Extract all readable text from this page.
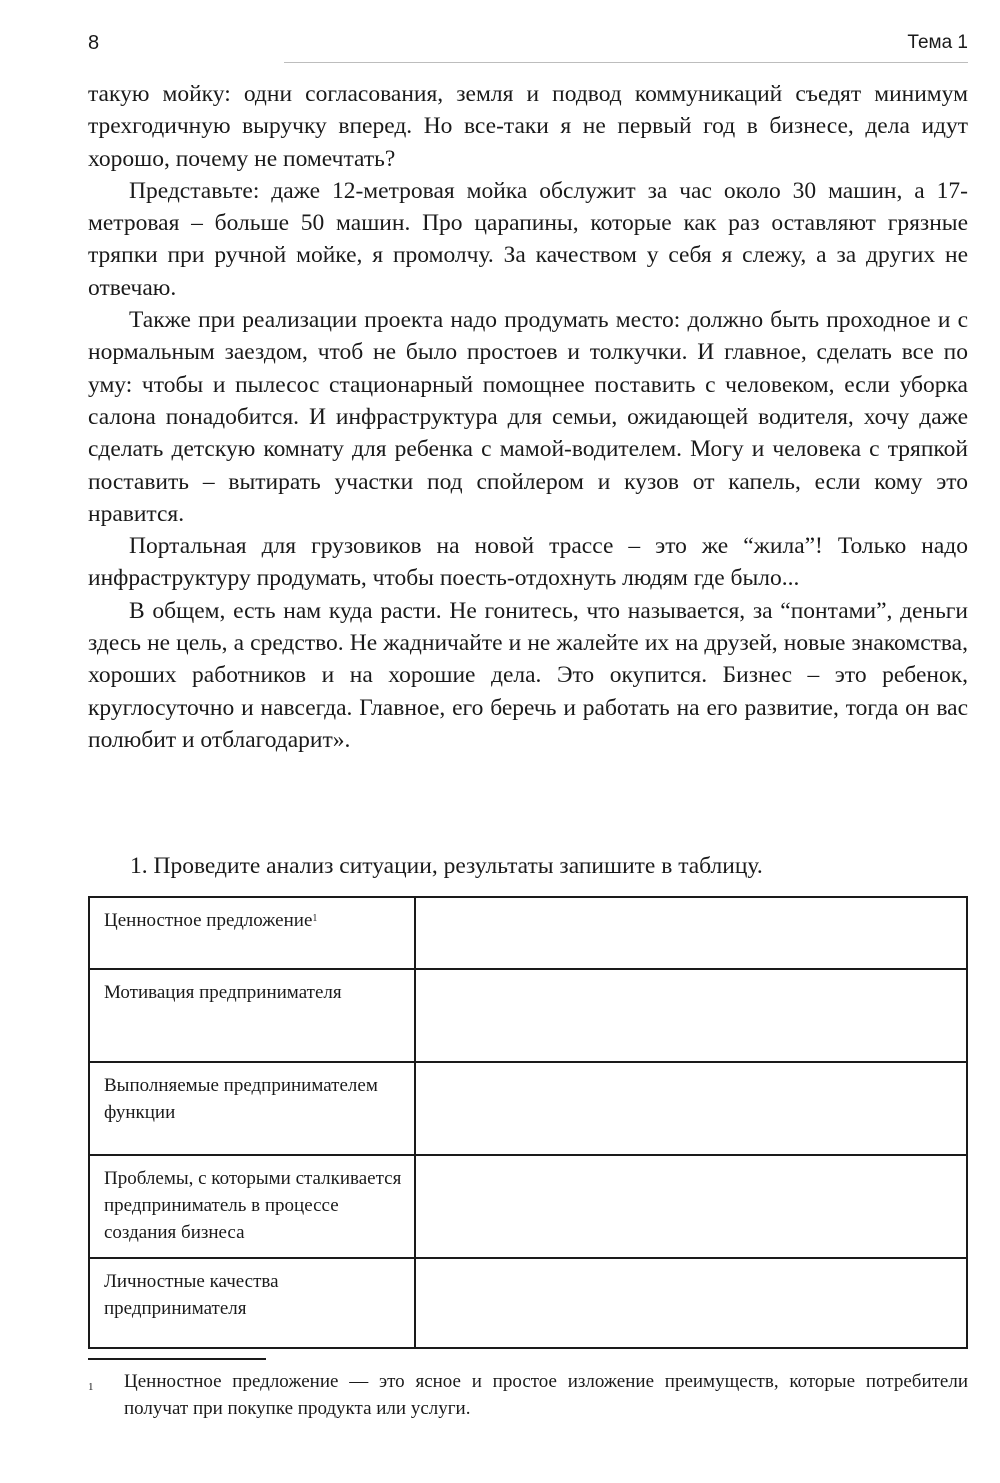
8	Тема 1

такую мойку: одни согласования, земля и подвод коммуникаций съедят минимум трехгодичную выручку вперед. Но все-таки я не первый год в бизнесе, дела идут хорошо, почему не помечтать?

Представьте: даже 12-метровая мойка обслужит за час около 30 машин, а 17-метровая – больше 50 машин. Про царапины, которые как раз оставляют грязные тряпки при ручной мойке, я промолчу. За качеством у себя я слежу, а за других не отвечаю.

Также при реализации проекта надо продумать место: должно быть проходное и с нормальным заездом, чтоб не было простоев и толкучки. И главное, сделать все по уму: чтобы и пылесос стационарный помощнее поставить с человеком, если уборка салона понадобится. И инфраструктура для семьи, ожидающей водителя, хочу даже сделать детскую комнату для ребенка с мамой-водителем. Могу и человека с тряпкой поставить – вытирать участки под спойлером и кузов от капель, если кому это нравится.

Портальная для грузовиков на новой трассе – это же “жила”! Только надо инфраструктуру продумать, чтобы поесть-отдохнуть людям где было...

В общем, есть нам куда расти. Не гонитесь, что называется, за “понтами”, деньги здесь не цель, а средство. Не жадничайте и не жалейте их на друзей, новые знакомства, хороших работников и на хорошие дела. Это окупится. Бизнес – это ребенок, круглосуточно и навсегда. Главное, его беречь и работать на его развитие, тогда он вас полюбит и отблагодарит».

1. Проведите анализ ситуации, результаты запишите в таблицу.
Ценностное предложение$^1$	
Мотивация предпринимателя	
Выполняемые предпринимателем функции	
Проблемы, с которыми сталкивается предприниматель в процессе создания бизнеса	
Личностные качества предпринимателя	
1 Ценностное предложение — это ясное и простое изложение преимуществ, которые потребители получат при покупке продукта или услуги.
